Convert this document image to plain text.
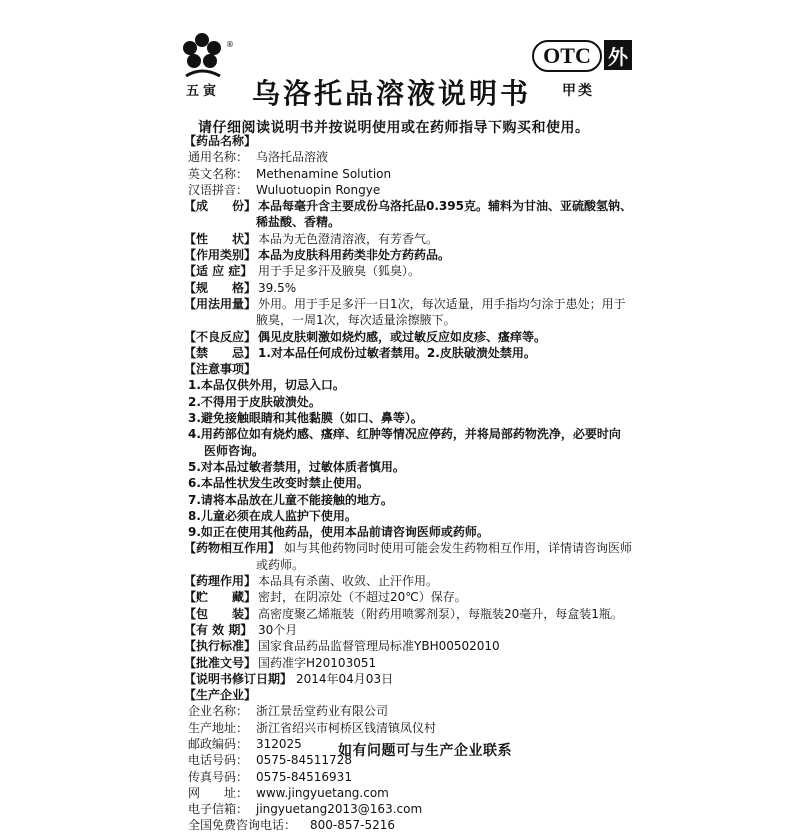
®
五寅 乌洛托品溶液说明书
OTC 外
甲类
请仔细阅读说明书并按说明使用或在药师指导下购买和使用。
【药品名称】
通用名称： 乌洛托品溶液
英文名称： Methenamine Solution
汉语拼音： Wuluotuopin Rongye
【成　　份】 本品每毫升含主要成份乌洛托品0.395克。辅料为甘油、亚硫酸氢钠、
稀盐酸、香精。
【性　　状】 本品为无色澄清溶液，有芳香气。
【作用类别】 本品为皮肤科用药类非处方药药品。
【适 应 症】 用于手足多汗及腋臭（狐臭）。
【规　　格】 39.5%
【用法用量】 外用。用于手足多汗一日1次，每次适量，用手指均匀涂于患处；用于
腋臭，一周1次，每次适量涂擦腋下。
【不良反应】 偶见皮肤刺激如烧灼感，或过敏反应如皮疹、瘙痒等。
【禁　　忌】 1.对本品任何成份过敏者禁用。2.皮肤破溃处禁用。
【注意事项】
1.本品仅供外用，切忌入口。
2.不得用于皮肤破溃处。
3.避免接触眼睛和其他黏膜（如口、鼻等）。
4.用药部位如有烧灼感、瘙痒、红肿等情况应停药，并将局部药物洗净，必要时向
医师咨询。
5.对本品过敏者禁用，过敏体质者慎用。
6.本品性状发生改变时禁止使用。
7.请将本品放在儿童不能接触的地方。
8.儿童必须在成人监护下使用。
9.如正在使用其他药品，使用本品前请咨询医师或药师。
【药物相互作用】 如与其他药物同时使用可能会发生药物相互作用，详情请咨询医师
或药师。
【药理作用】 本品具有杀菌、收敛、止汗作用。
【贮　　藏】 密封，在阴凉处（不超过20℃）保存。
【包　　装】 高密度聚乙烯瓶装（附药用喷雾剂泵），每瓶装20毫升，每盒装1瓶。
【有 效 期】 30个月
【执行标准】 国家食品药品监督管理局标准YBH00502010
【批准文号】 国药准字H20103051
【说明书修订日期】 2014年04月03日
【生产企业】
企业名称： 浙江景岳堂药业有限公司
生产地址： 浙江省绍兴市柯桥区钱清镇凤仪村
邮政编码： 312025
电话号码： 0575-84511728
传真号码： 0575-84516931
网　　址： www.jingyuetang.com
电子信箱： jingyuetang2013@163.com
全国免费咨询电话：	800-857-5216
如有问题可与生产企业联系
